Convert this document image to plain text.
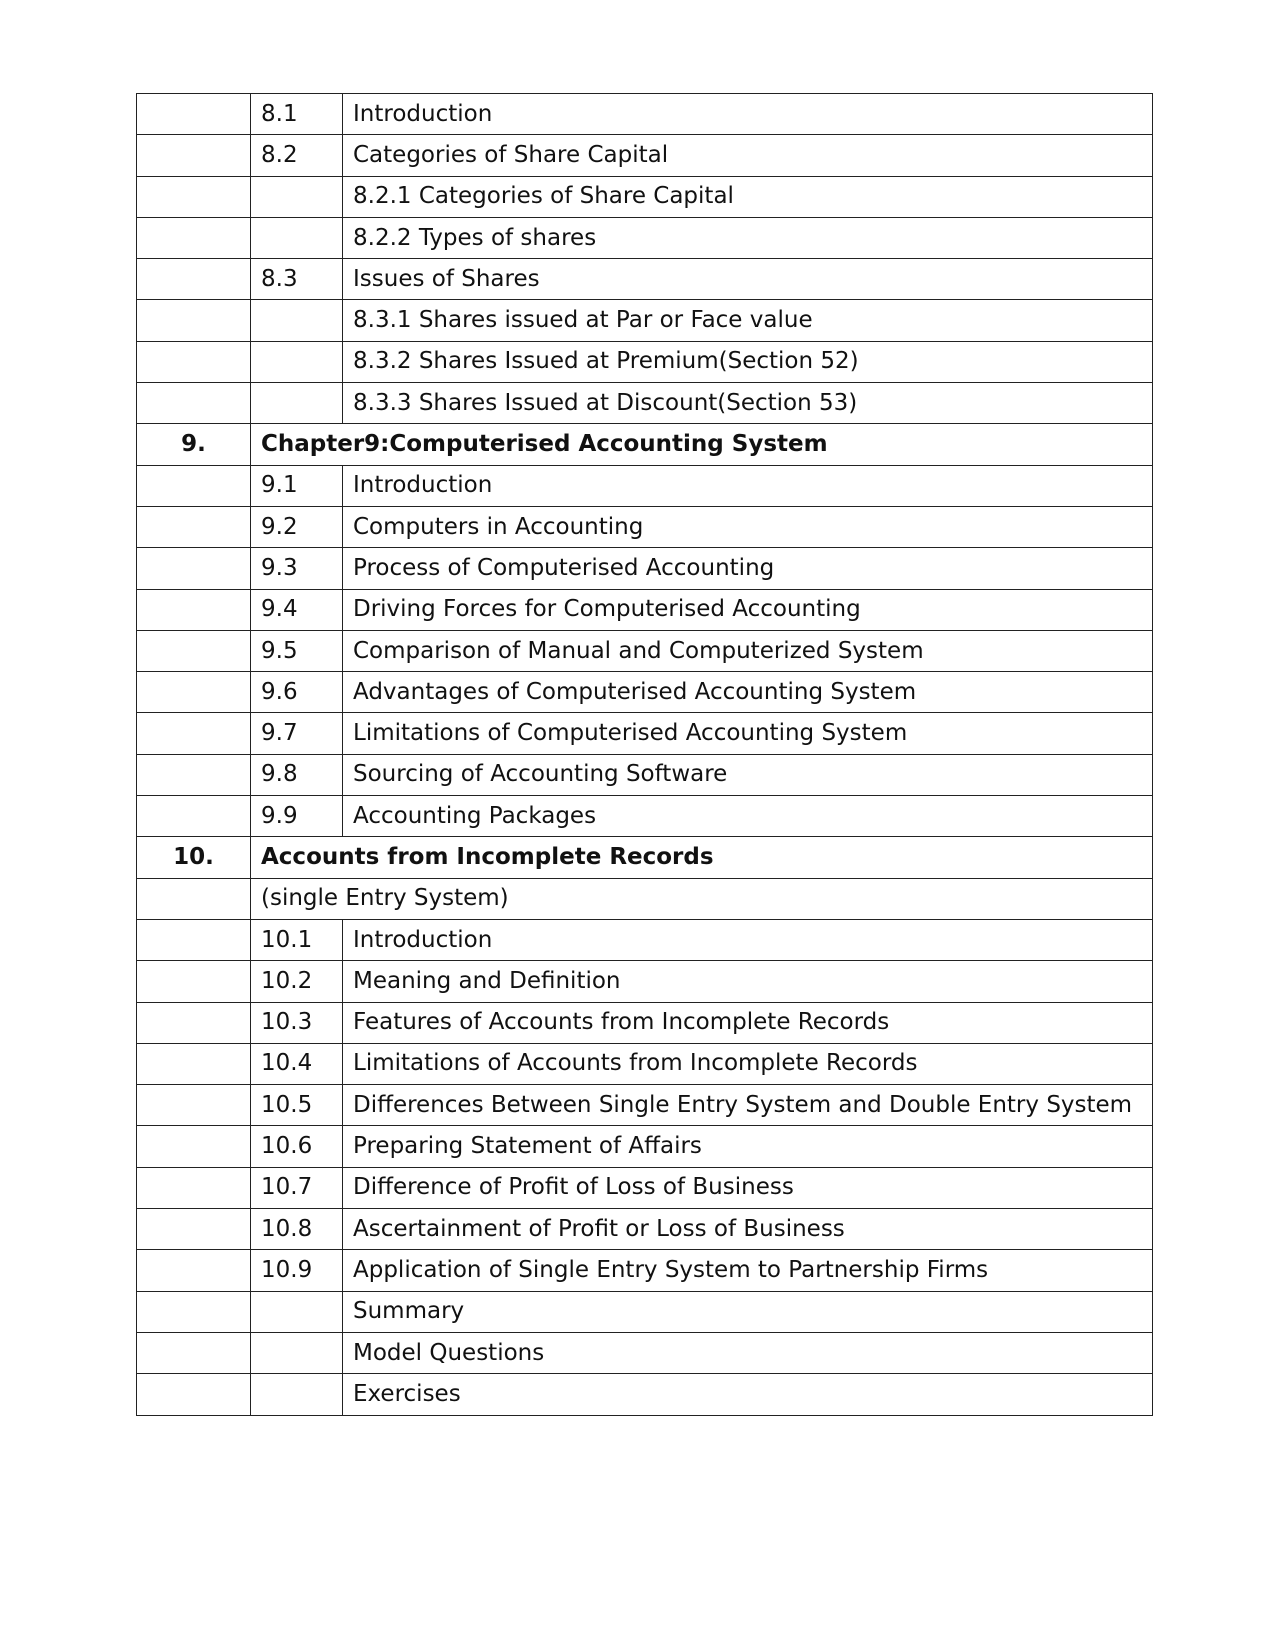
	8.1	Introduction
	8.2	Categories of Share Capital
		8.2.1 Categories of Share Capital
		8.2.2 Types of shares
	8.3	Issues of Shares
		8.3.1 Shares issued at Par or Face value
		8.3.2 Shares Issued at Premium(Section 52)
		8.3.3 Shares Issued at Discount(Section 53)
9.	Chapter9:Computerised Accounting System	
	9.1	Introduction
	9.2	Computers in Accounting
	9.3	Process of Computerised Accounting
	9.4	Driving Forces for Computerised Accounting
	9.5	Comparison of Manual and Computerized System
	9.6	Advantages of Computerised Accounting System
	9.7	Limitations of Computerised Accounting System
	9.8	Sourcing of Accounting Software
	9.9	Accounting Packages
10.	Accounts from Incomplete Records	
	(single Entry System)	
	10.1	Introduction
	10.2	Meaning and Definition
	10.3	Features of Accounts from Incomplete Records
	10.4	Limitations of Accounts from Incomplete Records
	10.5	Differences Between Single Entry System and Double Entry System
	10.6	Preparing Statement of Affairs
	10.7	Difference of Profit of Loss of Business
	10.8	Ascertainment of Profit or Loss of Business
	10.9	Application of Single Entry System to Partnership Firms
		Summary
		Model Questions
		Exercises
